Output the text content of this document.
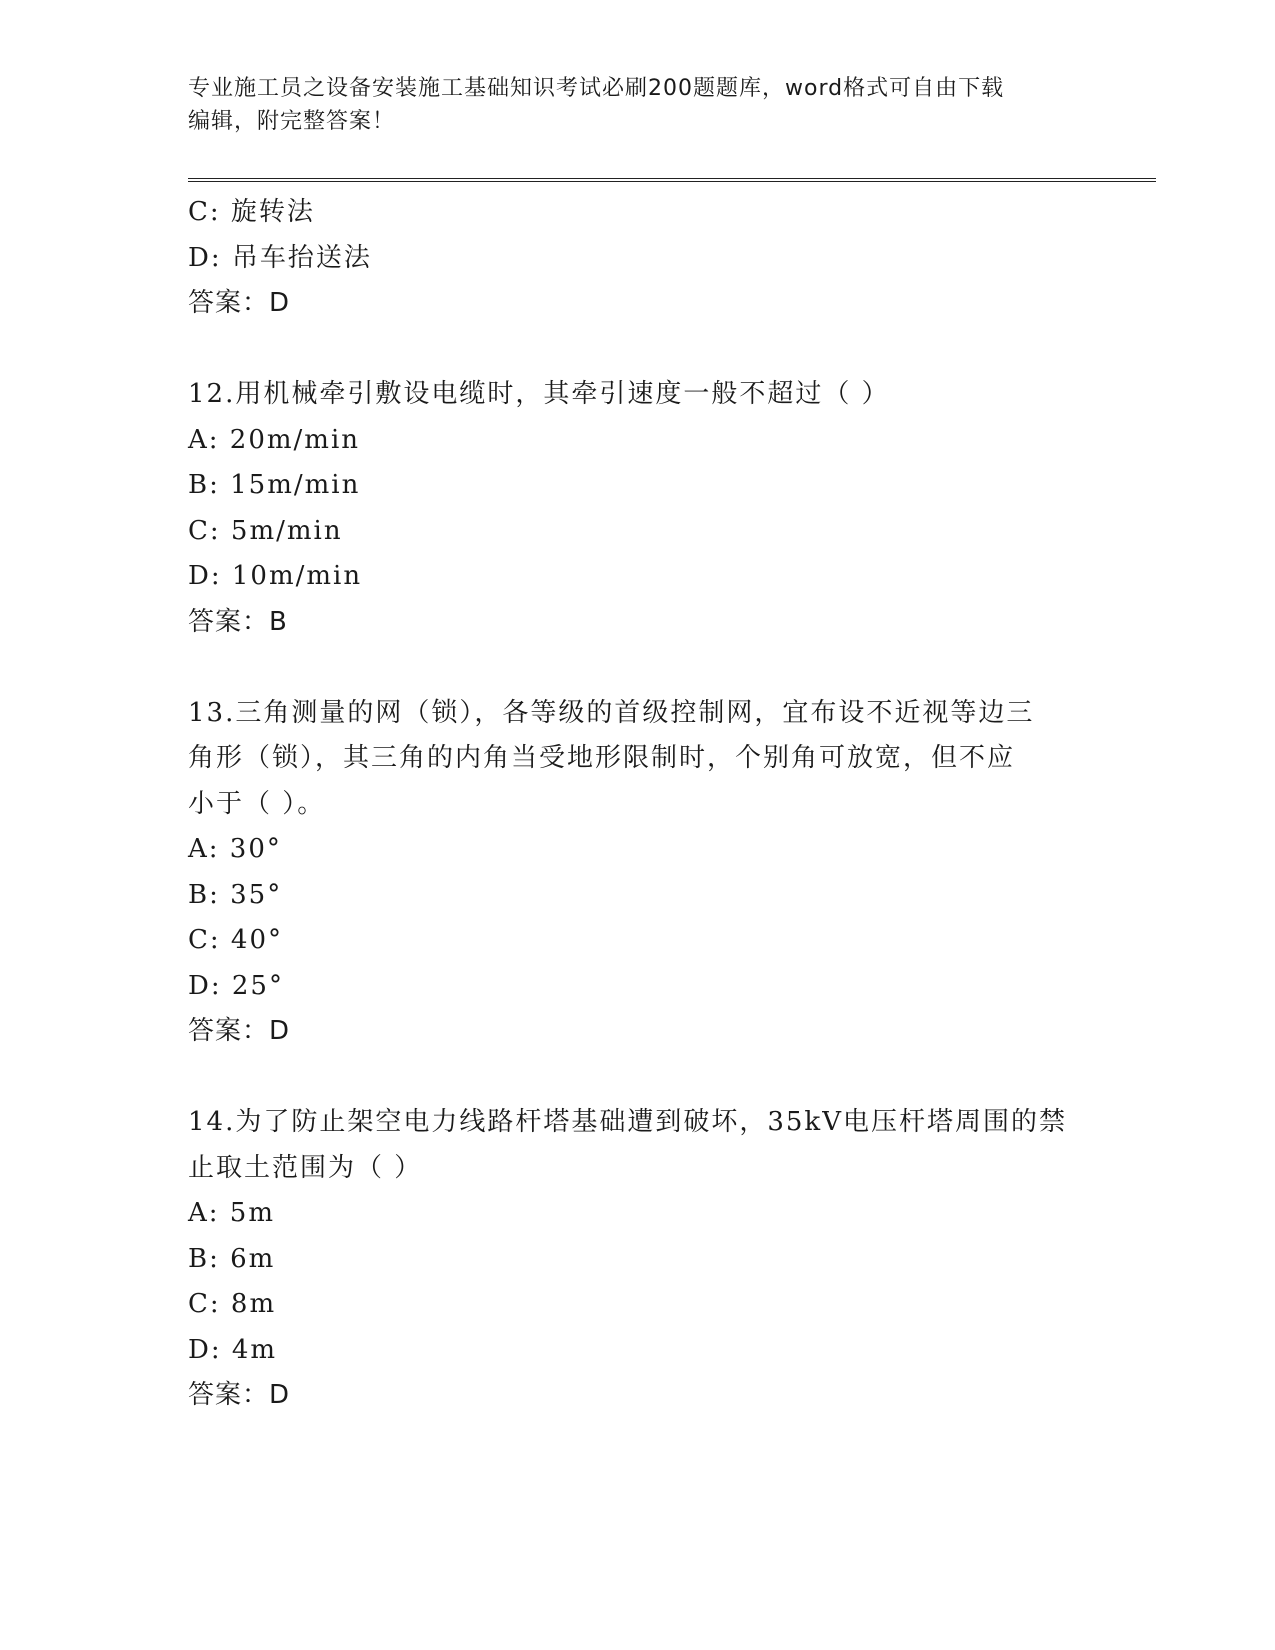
专业施工员之设备安装施工基础知识考试必刷200题题库，word格式可自由下载
编辑，附完整答案！
C: 旋转法
D: 吊车抬送法
答案：D
12.用机械牵引敷设电缆时，其牵引速度一般不超过（ ）
A: 20m/min
B: 15m/min
C: 5m/min
D: 10m/min
答案：B
13.三角测量的网（锁），各等级的首级控制网，宜布设不近视等边三
角形（锁），其三角的内角当受地形限制时，个别角可放宽，但不应
小于（ ）。
A: 30°
B: 35°
C: 40°
D: 25°
答案：D
14.为了防止架空电力线路杆塔基础遭到破坏，35kV电压杆塔周围的禁
止取土范围为（ ）
A: 5m
B: 6m
C: 8m
D: 4m
答案：D
